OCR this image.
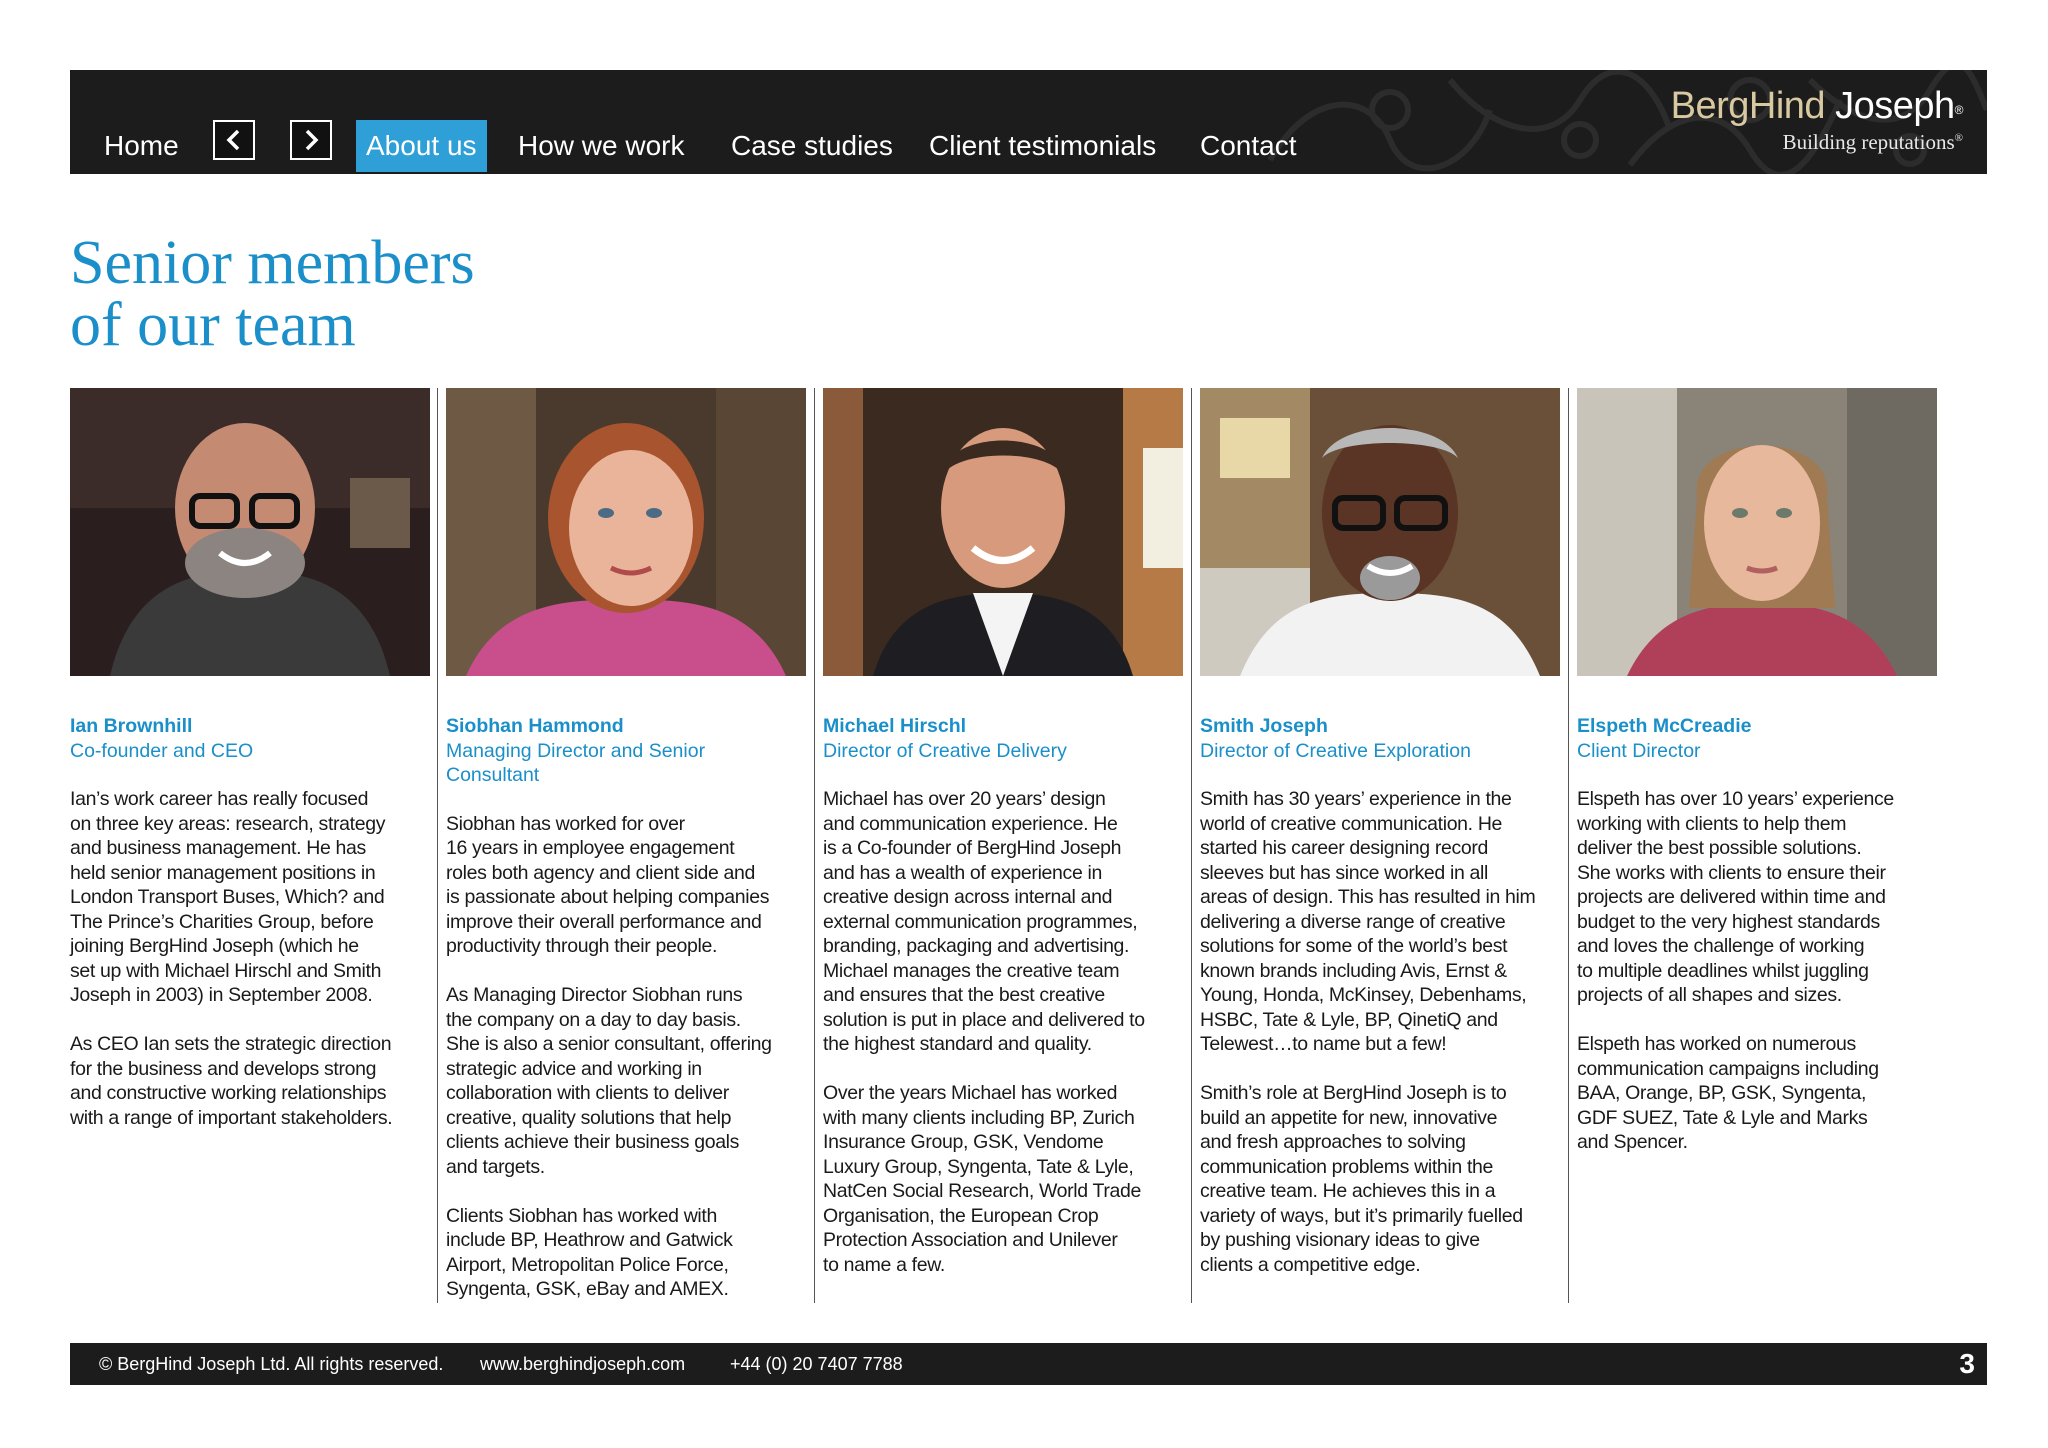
Home	About us	How we work	Case studies	Client testimonials	Contact
BergHind Joseph®
Building reputations®
Senior members
of our team
Ian Brownhill
Co-founder and CEO

Ian’s work career has really focused
on three key areas: research, strategy
and business management. He has
held senior management positions in
London Transport Buses, Which? and
The Prince’s Charities Group, before
joining BergHind Joseph (which he
set up with Michael Hirschl and Smith
Joseph in 2003) in September 2008.

As CEO Ian sets the strategic direction
for the business and develops strong
and constructive working relationships
with a range of important stakeholders.

Siobhan Hammond
Managing Director and Senior
Consultant

Siobhan has worked for over
16 years in employee engagement
roles both agency and client side and
is passionate about helping companies
improve their overall performance and
productivity through their people.

As Managing Director Siobhan runs
the company on a day to day basis.
She is also a senior consultant, offering
strategic advice and working in
collaboration with clients to deliver
creative, quality solutions that help
clients achieve their business goals
and targets.

Clients Siobhan has worked with
include BP, Heathrow and Gatwick
Airport, Metropolitan Police Force,
Syngenta, GSK, eBay and AMEX.

Michael Hirschl
Director of Creative Delivery

Michael has over 20 years’ design
and communication experience. He
is a Co-founder of BergHind Joseph
and has a wealth of experience in
creative design across internal and
external communication programmes,
branding, packaging and advertising.
Michael manages the creative team
and ensures that the best creative
solution is put in place and delivered to
the highest standard and quality.

Over the years Michael has worked
with many clients including BP, Zurich
Insurance Group, GSK, Vendome
Luxury Group, Syngenta, Tate & Lyle,
NatCen Social Research, World Trade
Organisation, the European Crop
Protection Association and Unilever
to name a few.

Smith Joseph
Director of Creative Exploration

Smith has 30 years’ experience in the
world of creative communication. He
started his career designing record
sleeves but has since worked in all
areas of design. This has resulted in him
delivering a diverse range of creative
solutions for some of the world’s best
known brands including Avis, Ernst &
Young, Honda, McKinsey, Debenhams,
HSBC, Tate & Lyle, BP, QinetiQ and
Telewest…to name but a few!

Smith’s role at BergHind Joseph is to
build an appetite for new, innovative
and fresh approaches to solving
communication problems within the
creative team. He achieves this in a
variety of ways, but it’s primarily fuelled
by pushing visionary ideas to give
clients a competitive edge.

Elspeth McCreadie
Client Director

Elspeth has over 10 years’ experience
working with clients to help them
deliver the best possible solutions.
She works with clients to ensure their
projects are delivered within time and
budget to the very highest standards
and loves the challenge of working
to multiple deadlines whilst juggling
projects of all shapes and sizes.

Elspeth has worked on numerous
communication campaigns including
BAA, Orange, BP, GSK, Syngenta,
GDF SUEZ, Tate & Lyle and Marks
and Spencer.

© BergHind Joseph Ltd. All rights reserved. www.berghindjoseph.com +44 (0) 20 7407 7788	3
